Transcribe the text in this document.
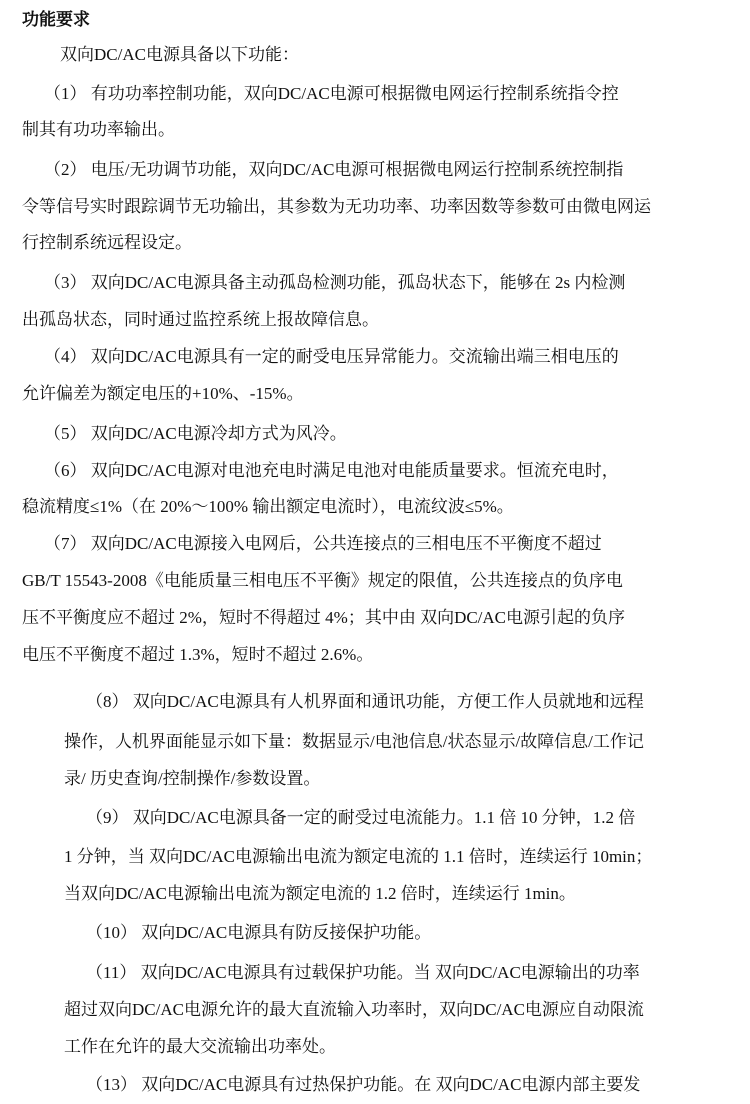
功能要求
双向DC/AC电源具备以下功能：
（1） 有功功率控制功能，双向DC/AC电源可根据微电网运行控制系统指令控
制其有功功率输出。
（2） 电压/无功调节功能，双向DC/AC电源可根据微电网运行控制系统控制指
令等信号实时跟踪调节无功输出，其参数为无功功率、功率因数等参数可由微电网运
行控制系统远程设定。
（3） 双向DC/AC电源具备主动孤岛检测功能，孤岛状态下，能够在 2s 内检测
出孤岛状态，同时通过监控系统上报故障信息。
（4） 双向DC/AC电源具有一定的耐受电压异常能力。交流输出端三相电压的
允许偏差为额定电压的+10%、-15%。
（5） 双向DC/AC电源冷却方式为风冷。
（6） 双向DC/AC电源对电池充电时满足电池对电能质量要求。恒流充电时，
稳流精度≤1%（在 20%～100% 输出额定电流时），电流纹波≤5%。
（7） 双向DC/AC电源接入电网后，公共连接点的三相电压不平衡度不超过
GB/T 15543-2008《电能质量三相电压不平衡》规定的限值，公共连接点的负序电
压不平衡度应不超过 2%，短时不得超过 4%；其中由 双向DC/AC电源引起的负序
电压不平衡度不超过 1.3%，短时不超过 2.6%。
（8） 双向DC/AC电源具有人机界面和通讯功能，方便工作人员就地和远程
操作，人机界面能显示如下量：数据显示/电池信息/状态显示/故障信息/工作记
录/ 历史查询/控制操作/参数设置。
（9） 双向DC/AC电源具备一定的耐受过电流能力。1.1 倍 10 分钟，1.2 倍
1 分钟，当 双向DC/AC电源输出电流为额定电流的 1.1 倍时，连续运行 10min；
当双向DC/AC电源输出电流为额定电流的 1.2 倍时，连续运行 1min。
（10） 双向DC/AC电源具有防反接保护功能。
（11） 双向DC/AC电源具有过载保护功能。当 双向DC/AC电源输出的功率
超过双向DC/AC电源允许的最大直流输入功率时，双向DC/AC电源应自动限流
工作在允许的最大交流输出功率处。
（13） 双向DC/AC电源具有过热保护功能。在 双向DC/AC电源内部主要发
